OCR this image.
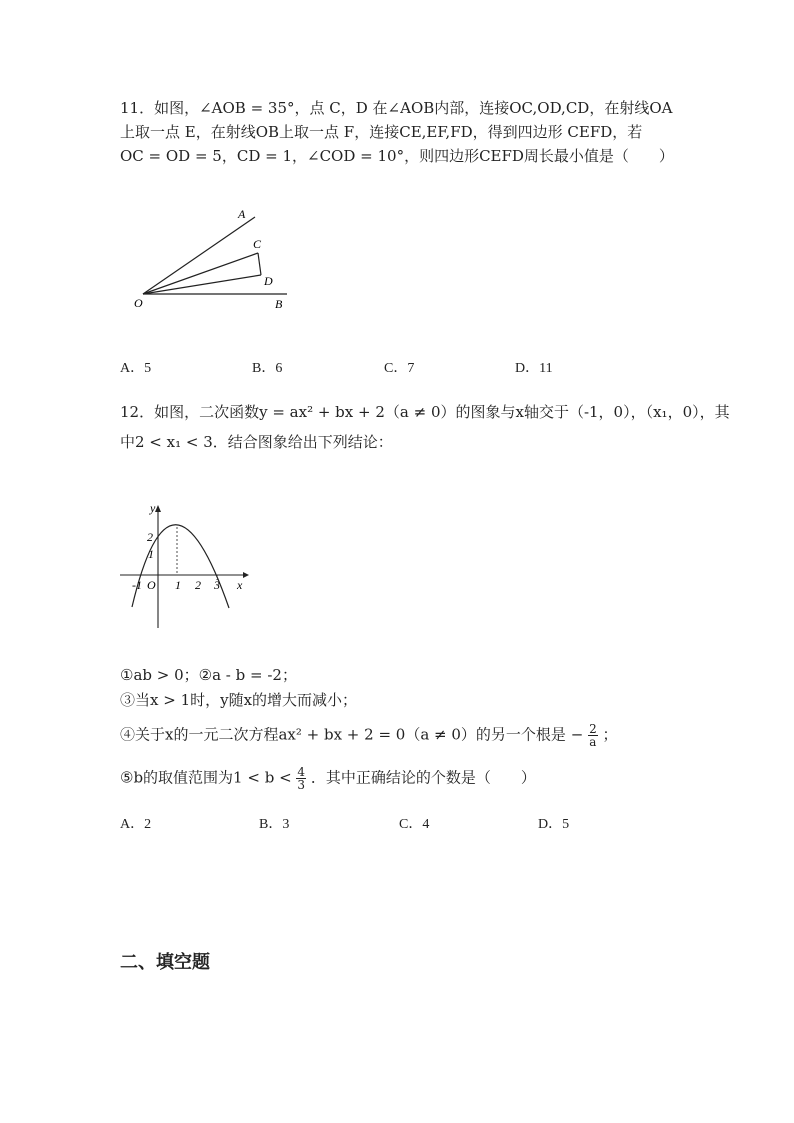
11．如图，∠AOB = 35°，点 C，D 在∠AOB内部，连接OC,OD,CD，在射线OA
上取一点 E，在射线OB上取一点 F，连接CE,EF,FD，得到四边形 CEFD，若
OC = OD = 5，CD = 1，∠COD = 10°，则四边形CEFD周长最小值是（　　）
A
C
D
O	B
A．5	B．6	C．7	D．11
12．如图，二次函数y = ax² + bx + 2（a ≠ 0）的图象与x轴交于（-1，0），（x₁，0），其
中2 < x₁ < 3．结合图象给出下列结论：
y
x
2
1
-1 O 1 2 3
①ab > 0；②a - b = -2；
③当x > 1时，y随x的增大而减小；
④关于x的一元二次方程ax² + bx + 2 = 0（a ≠ 0）的另一个根是 − $\frac{2}{a}$ ；
⑤b的取值范围为$1 < b < \frac{4}{3}$ ．其中正确结论的个数是（　　）
A．2	B．3	C．4	D．5
二、填空题
